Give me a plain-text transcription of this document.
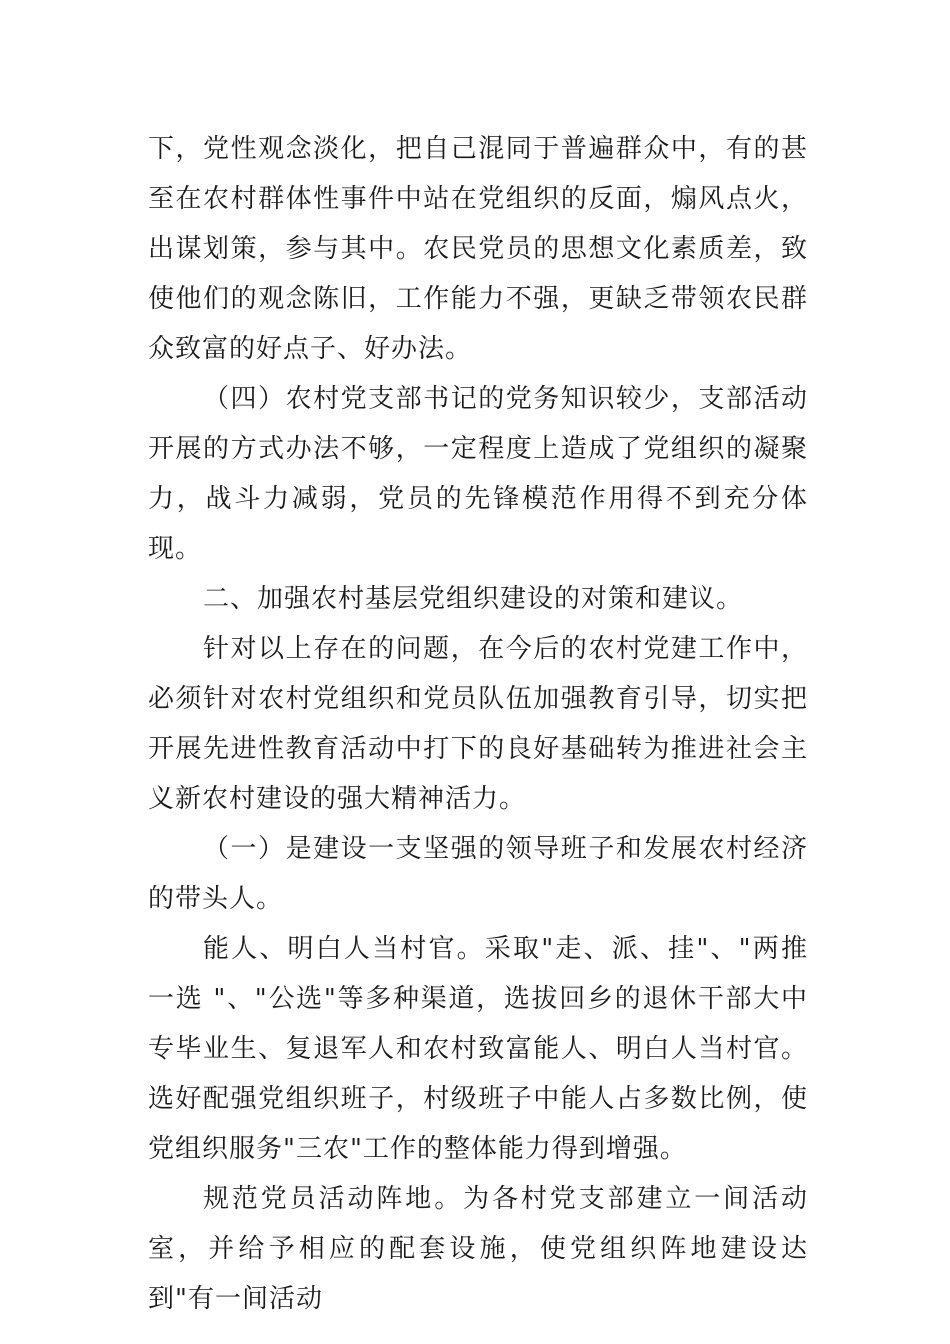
下，党性观念淡化，把自己混同于普遍群众中，有的甚至在农村群体性事件中站在党组织的反面，煽风点火，出谋划策，参与其中。农民党员的思想文化素质差，致使他们的观念陈旧，工作能力不强，更缺乏带领农民群众致富的好点子、好办法。

（四）农村党支部书记的党务知识较少，支部活动开展的方式办法不够，一定程度上造成了党组织的凝聚力，战斗力减弱，党员的先锋模范作用得不到充分体现。

二、加强农村基层党组织建设的对策和建议。

针对以上存在的问题，在今后的农村党建工作中，必须针对农村党组织和党员队伍加强教育引导，切实把开展先进性教育活动中打下的良好基础转为推进社会主义新农村建设的强大精神活力。

（一）是建设一支坚强的领导班子和发展农村经济的带头人。

能人、明白人当村官。采取"走、派、挂"、"两推一选 "、"公选"等多种渠道，选拔回乡的退休干部大中专毕业生、复退军人和农村致富能人、明白人当村官。选好配强党组织班子，村级班子中能人占多数比例，使党组织服务"三农"工作的整体能力得到增强。

规范党员活动阵地。为各村党支部建立一间活动室，并给予相应的配套设施，使党组织阵地建设达到"有一间活动
